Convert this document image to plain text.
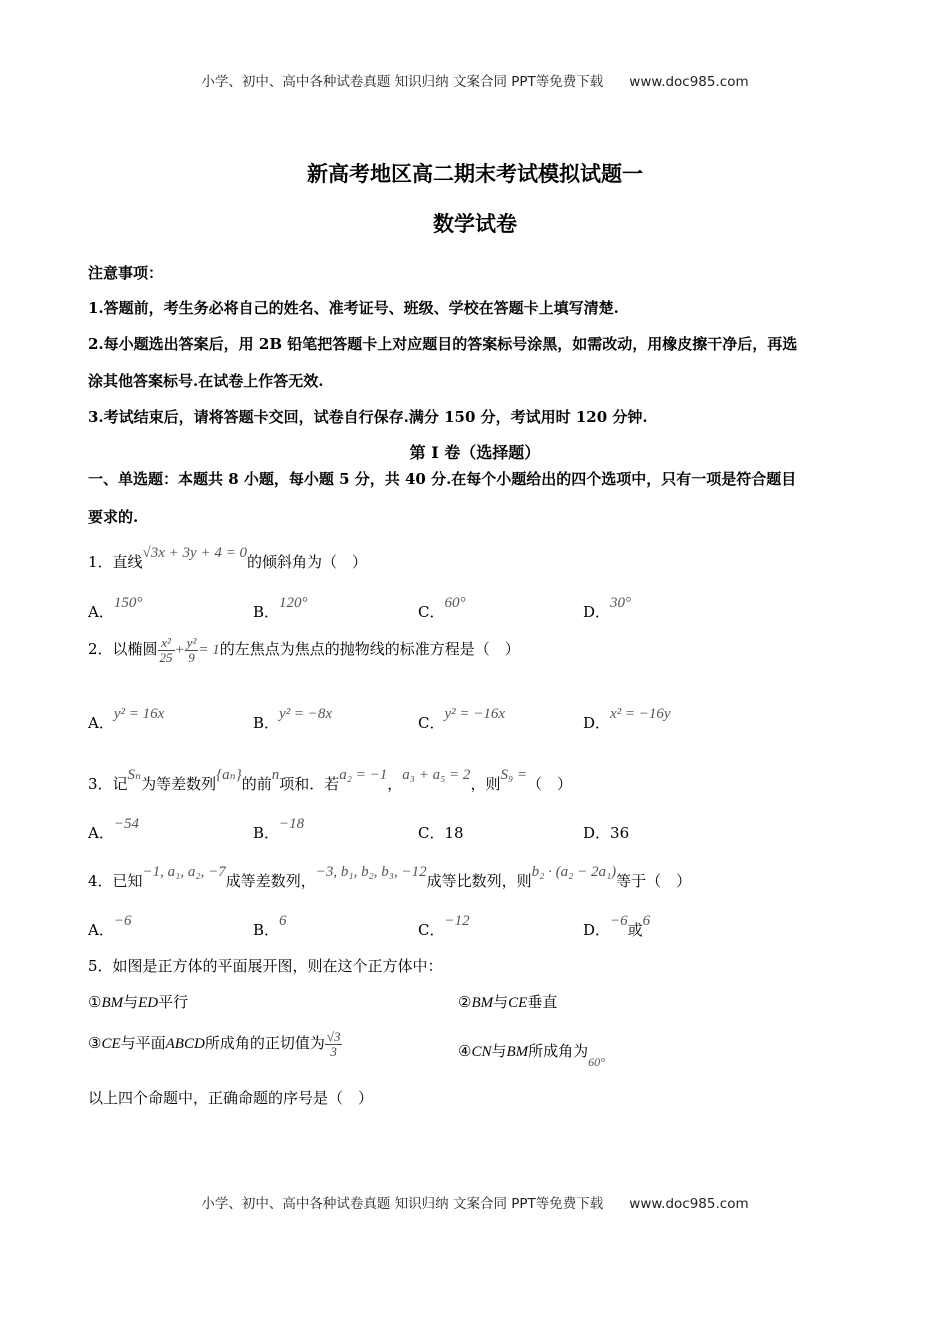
小学、初中、高中各种试卷真题 知识归纳 文案合同 PPT等免费下载 www.doc985.com
新高考地区高二期末考试模拟试题一
数学试卷
注意事项：
1.答题前，考生务必将自己的姓名、准考证号、班级、学校在答题卡上填写清楚.
2.每小题选出答案后，用 2B 铅笔把答题卡上对应题目的答案标号涂黑，如需改动，用橡皮擦干净后，再选
涂其他答案标号.在试卷上作答无效.
3.考试结束后，请将答题卡交回，试卷自行保存.满分 150 分，考试用时 120 分钟.
第 I 卷（选择题）
一、单选题：本题共 8 小题，每小题 5 分，共 40 分.在每个小题给出的四个选项中，只有一项是符合题目
要求的.
1．直线√3x + 3y + 4 = 0的倾斜角为（　）
A．150°	B．120°	C．60°	D．30°
2．以椭圆 $\frac{\text{x²}}{25} + \frac{\text{y²}}{9} = 1$的左焦点为焦点的抛物线的标准方程是（　）
A．y² = 16x	B．y² = −8x	C．y² = −16x	D．x² = −16y
3．记Sₙ为等差数列{aₙ}的前n项和．若a₂ = −1，a₃ + a₅ = 2，则S₉ =（　）
A．−54	B．−18	C．18	D．36
4．已知−1, a₁, a₂, −7成等差数列，−3, b₁, b₂, b₃, −12成等比数列，则b₂ · (a₂ − 2a₁)等于（　）
A．−6	B．6	C．−12	D．−6或6
5．如图是正方体的平面展开图，则在这个正方体中：
①BM与ED平行	②BM与CE垂直
③CE与平面ABCD所成角的正切值为 $\frac{√3}{3}$	④CN与BM所成角为$_{60^\circ}$
以上四个命题中，正确命题的序号是（　）
小学、初中、高中各种试卷真题 知识归纳 文案合同 PPT等免费下载 www.doc985.com
